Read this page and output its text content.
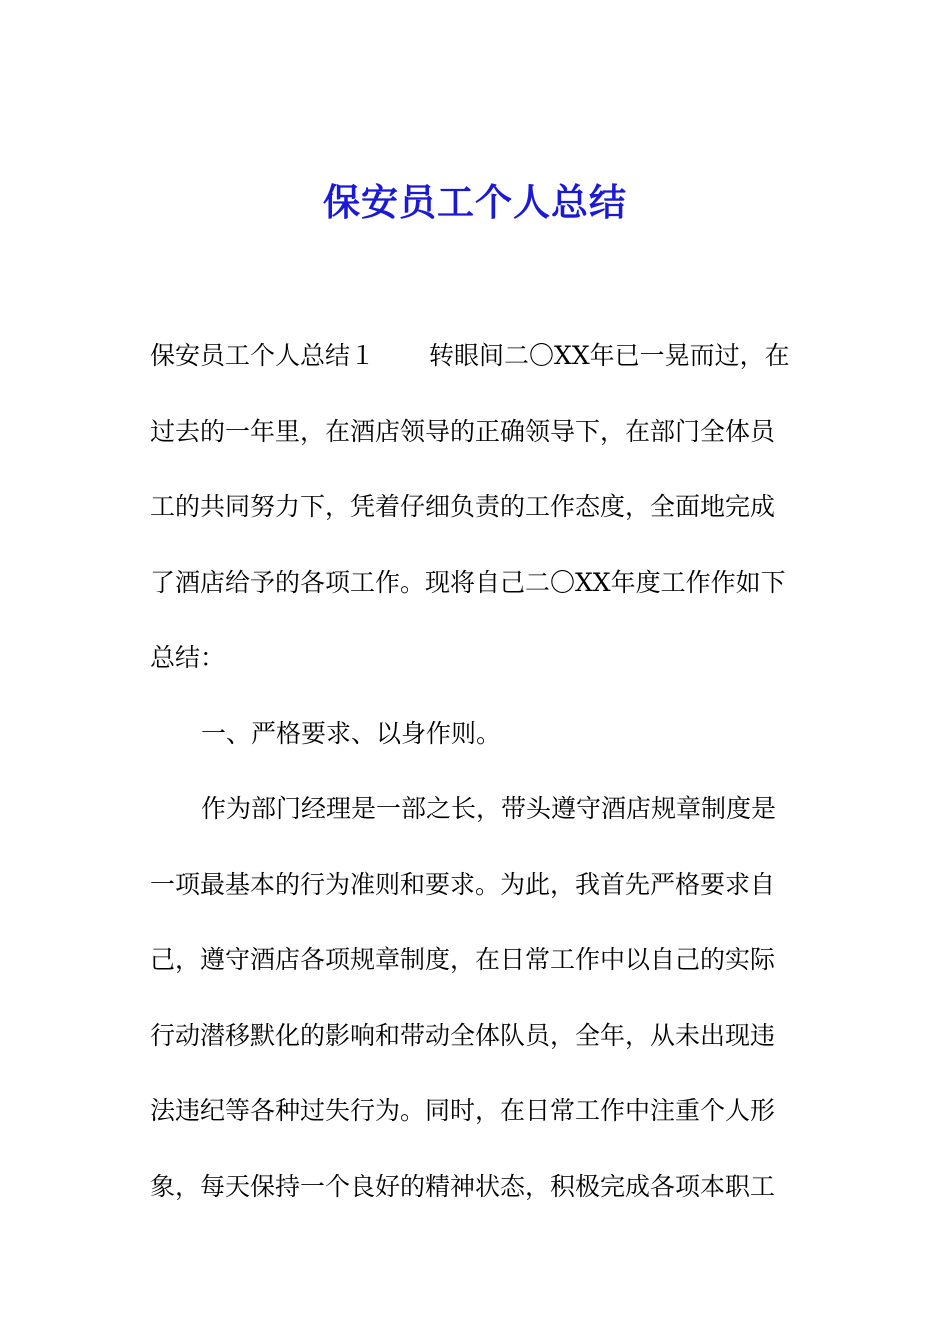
保安员工个人总结
保安员工个人总结１ 转眼间二〇XX年已一晃而过，在
过去的一年里，在酒店领导的正确领导下，在部门全体员
工的共同努力下，凭着仔细负责的工作态度，全面地完成
了酒店给予的各项工作。现将自己二〇XX年度工作作如下
总结：
一、严格要求、以身作则。
作为部门经理是一部之长，带头遵守酒店规章制度是
一项最基本的行为准则和要求。为此，我首先严格要求自
己，遵守酒店各项规章制度，在日常工作中以自己的实际
行动潜移默化的影响和带动全体队员，全年，从未出现违
法违纪等各种过失行为。同时，在日常工作中注重个人形
象，每天保持一个良好的精神状态，积极完成各项本职工
